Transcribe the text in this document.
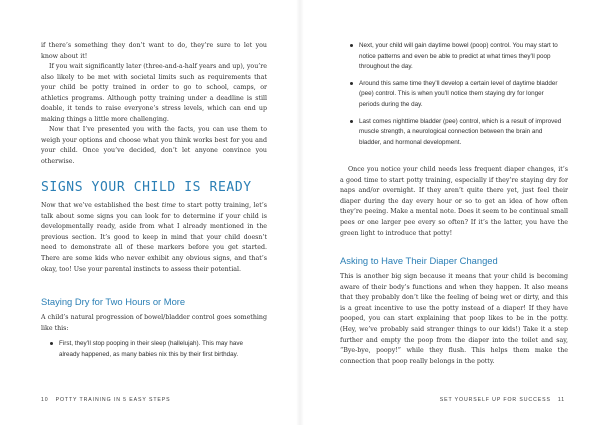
if there’s something they don’t want to do, they’re sure to let you know about it!

If you wait significantly later (three-and-a-half years and up), you’re also likely to be met with societal limits such as requirements that your child be potty trained in order to go to school, camps, or athletics programs. Although potty training under a deadline is still doable, it tends to raise everyone’s stress levels, which can end up making things a little more challenging.

Now that I’ve presented you with the facts, you can use them to weigh your options and choose what you think works best for you and your child. Once you’ve decided, don’t let anyone convince you otherwise.

SIGNS YOUR CHILD IS READY

Now that we’ve established the best time to start potty training, let’s talk about some signs you can look for to determine if your child is developmentally ready, aside from what I already mentioned in the previous section. It’s good to keep in mind that your child doesn’t need to demonstrate all of these markers before you get started. There are some kids who never exhibit any obvious signs, and that’s okay, too! Use your parental instincts to assess their potential.

Staying Dry for Two Hours or More

A child’s natural progression of bowel/bladder control goes something like this:

First, they’ll stop pooping in their sleep (hallelujah). This may have already happened, as many babies nix this by their first birthday.
10 POTTY TRAINING IN 5 EASY STEPS
Next, your child will gain daytime bowel (poop) control. You may start to notice patterns and even be able to predict at what times they’ll poop throughout the day.
Around this same time they’ll develop a certain level of daytime bladder (pee) control. This is when you’ll notice them staying dry for longer periods during the day.
Last comes nighttime bladder (pee) control, which is a result of improved muscle strength, a neurological connection between the brain and bladder, and hormonal development.

Once you notice your child needs less frequent diaper changes, it’s a good time to start potty training, especially if they’re staying dry for naps and/or overnight. If they aren’t quite there yet, just feel their diaper during the day every hour or so to get an idea of how often they’re peeing. Make a mental note. Does it seem to be continual small pees or one larger pee every so often? If it’s the latter, you have the green light to introduce that potty!

Asking to Have Their Diaper Changed

This is another big sign because it means that your child is becoming aware of their body’s functions and when they happen. It also means that they probably don’t like the feeling of being wet or dirty, and this is a great incentive to use the potty instead of a diaper! If they have pooped, you can start explaining that poop likes to be in the potty. (Hey, we’ve probably said stranger things to our kids!) Take it a step further and empty the poop from the diaper into the toilet and say, “Bye-bye, poopy!” while they flush. This helps them make the connection that poop really belongs in the potty.

SET YOURSELF UP FOR SUCCESS 11
